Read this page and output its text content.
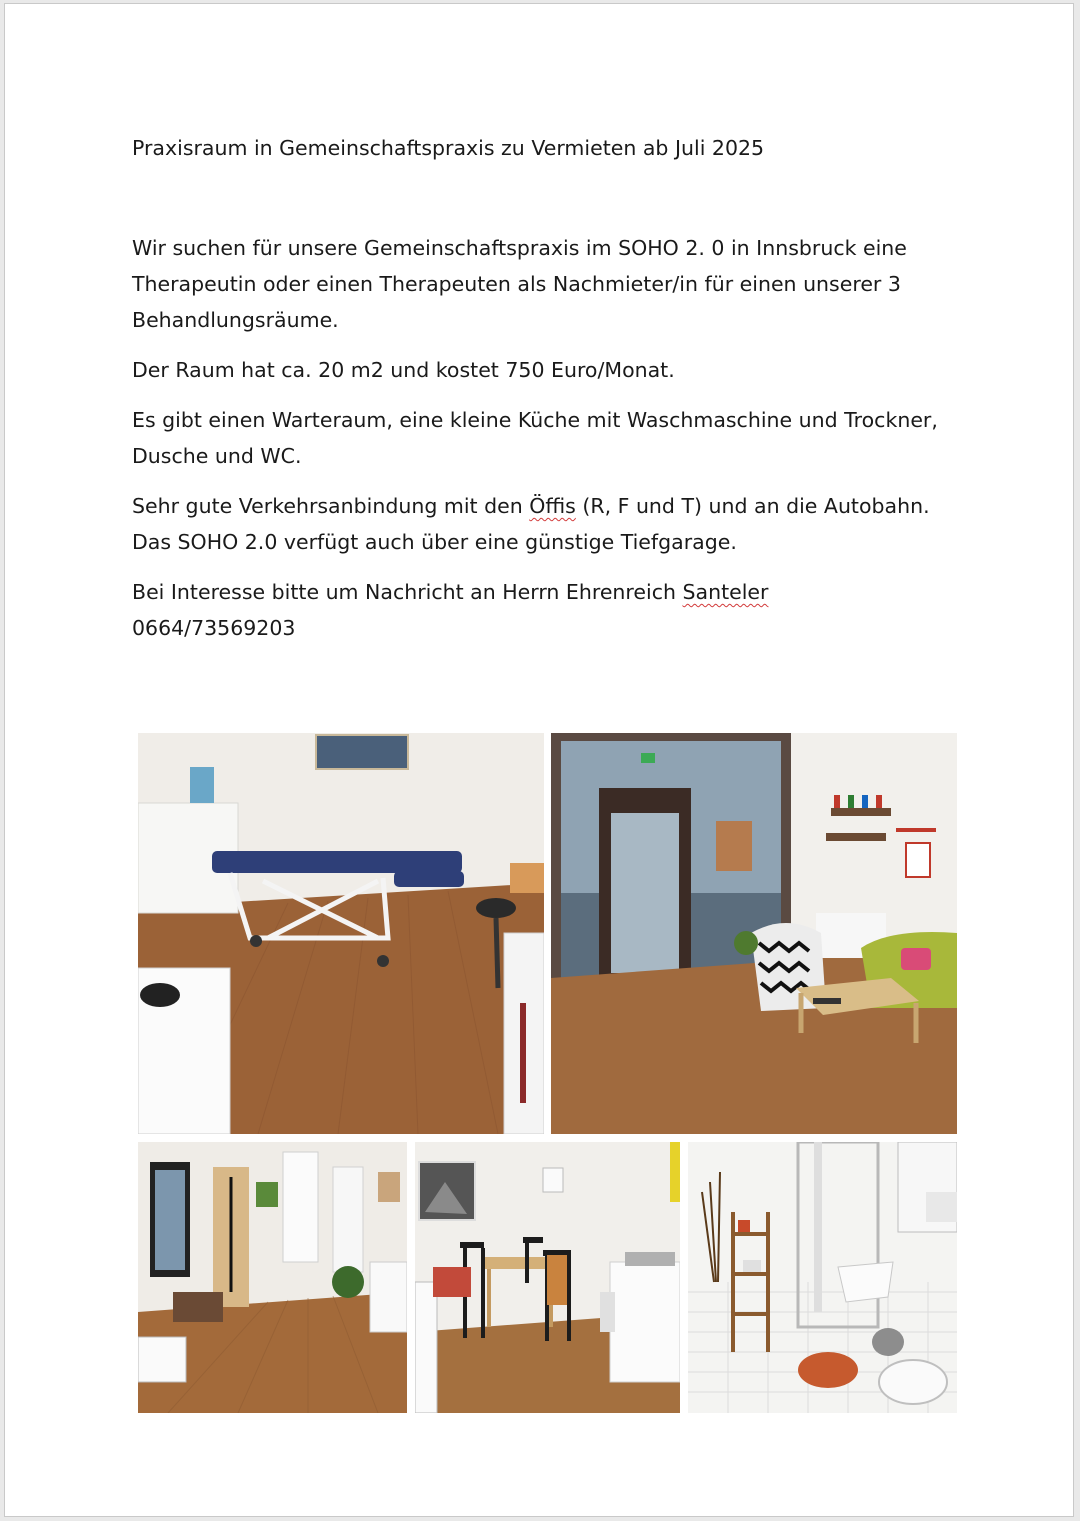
Praxisraum in Gemeinschaftspraxis zu Vermieten ab Juli 2025

Wir suchen für unsere Gemeinschaftspraxis im SOHO 2. 0 in Innsbruck eine Therapeutin oder einen Therapeuten als Nachmieter/in für einen unserer 3 Behandlungsräume.

Der Raum hat ca. 20 m2 und kostet 750 Euro/Monat.

Es gibt einen Warteraum, eine kleine Küche mit Waschmaschine und Trockner, Dusche und WC.

Sehr gute Verkehrsanbindung mit den Öffis (R, F und T) und an die Autobahn. Das SOHO 2.0 verfügt auch über eine günstige Tiefgarage.

Bei Interesse bitte um Nachricht an Herrn Ehrenreich Santeler
0664/73569203
